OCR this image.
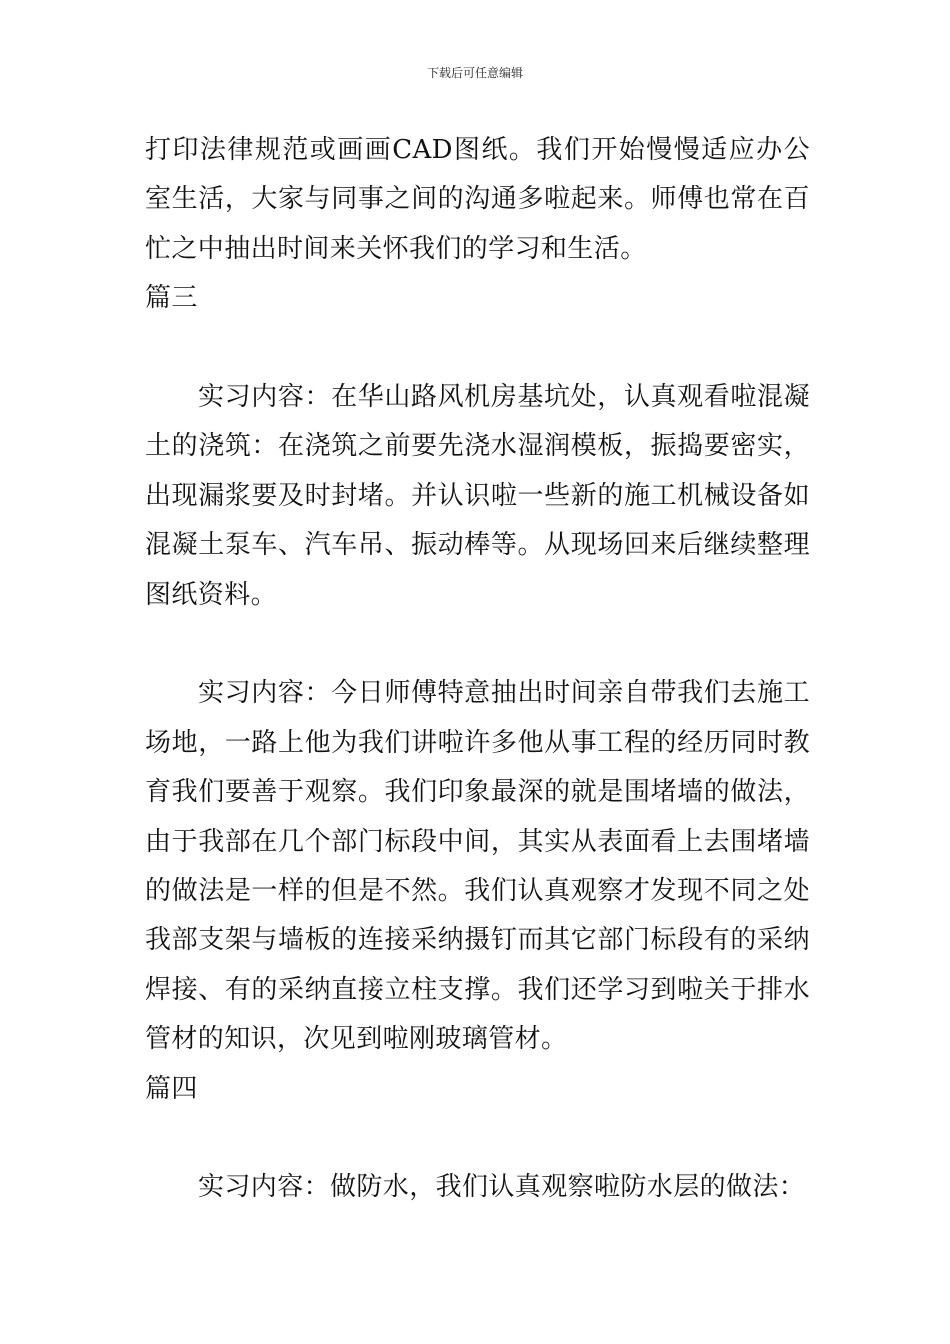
下载后可任意编辑

打印法律规范或画画CAD图纸。我们开始慢慢适应办公室生活，大家与同事之间的沟通多啦起来。师傅也常在百忙之中抽出时间来关怀我们的学习和生活。

篇三

实习内容：在华山路风机房基坑处，认真观看啦混凝土的浇筑：在浇筑之前要先浇水湿润模板，振捣要密实，出现漏浆要及时封堵。并认识啦一些新的施工机械设备如混凝土泵车、汽车吊、振动棒等。从现场回来后继续整理图纸资料。

实习内容：今日师傅特意抽出时间亲自带我们去施工场地，一路上他为我们讲啦许多他从事工程的经历同时教育我们要善于观察。我们印象最深的就是围堵墙的做法，由于我部在几个部门标段中间，其实从表面看上去围堵墙的做法是一样的但是不然。我们认真观察才发现不同之处我部支架与墙板的连接采纳摄钉而其它部门标段有的采纳焊接、有的采纳直接立柱支撑。我们还学习到啦关于排水管材的知识，次见到啦刚玻璃管材。

篇四

实习内容：做防水，我们认真观察啦防水层的做法：
